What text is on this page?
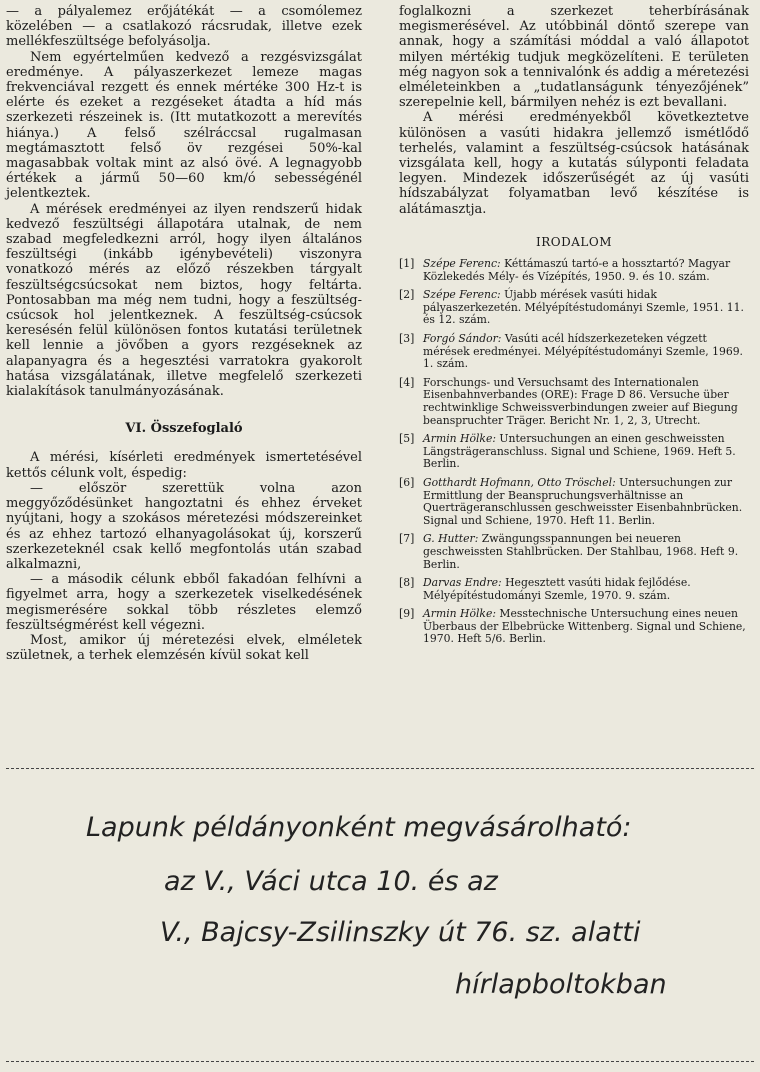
— a pályalemez erőjátékát — a csomólemez közelében — a csatlakozó rácsrudak, illetve ezek mellékfeszültsége befolyásolja.

Nem egyértelműen kedvező a rezgésvizsgálat eredménye. A pályaszerkezet lemeze magas frekvenciával rezgett és ennek mértéke 300 Hz-t is elérte és ezeket a rezgéseket átadta a híd más szerkezeti részeinek is. (Itt mutatkozott a merevítés hiánya.) A felső szélráccsal rugalmasan megtámasztott felső öv rezgései 50%-kal magasabbak voltak mint az alsó övé. A legnagyobb értékek a jármű 50—60 km/ó sebességénél jelentkeztek.

A mérések eredményei az ilyen rendszerű hidak kedvező feszültségi állapotára utalnak, de nem szabad megfeledkezni arról, hogy ilyen általános feszültségi (inkább igénybevételi) viszonyra vonatkozó mérés az előző részekben tárgyalt feszültségcsúcsokat nem biztos, hogy feltárta. Pontosabban ma még nem tudni, hogy a feszültség-csúcsok hol jelentkeznek. A feszültség-csúcsok keresésén felül különösen fontos kutatási területnek kell lennie a jövőben a gyors rezgéseknek az alapanyagra és a hegesztési varratokra gyakorolt hatása vizsgálatának, illetve megfelelő szerkezeti kialakítások tanulmányozásának.

VI. Összefoglaló

A mérési, kísérleti eredmények ismertetésével kettős célunk volt, éspedig:

— először szerettük volna azon meggyőződésünket hangoztatni és ehhez érveket nyújtani, hogy a szokásos méretezési módszereinket és az ehhez tartozó elhanyagolásokat új, korszerű szerkezeteknél csak kellő megfontolás után szabad alkalmazni,

— a második célunk ebből fakadóan felhívni a figyelmet arra, hogy a szerkezetek viselkedésének megismerésére sokkal több részletes elemző feszültségmérést kell végezni.

Most, amikor új méretezési elvek, elméletek születnek, a terhek elemzésén kívül sokat kell

foglalkozni a szerkezet teherbírásának megismerésével. Az utóbbinál döntő szerepe van annak, hogy a számítási móddal a való állapotot milyen mértékig tudjuk megközelíteni. E területen még nagyon sok a tennivalónk és addig a méretezési elméleteinkben a „tudatlanságunk tényezőjének” szerepelnie kell, bármilyen nehéz is ezt bevallani.

A mérési eredményekből következtetve különösen a vasúti hidakra jellemző ismétlődő terhelés, valamint a feszültség-csúcsok hatásának vizsgálata kell, hogy a kutatás súlyponti feladata legyen. Mindezek időszerűségét az új vasúti hídszabályzat folyamatban levő készítése is alátámasztja.

IRODALOM
[1] Szépe Ferenc: Kéttámaszú tartó-e a hossztartó? Magyar Közlekedés Mély- és Vízépítés, 1950. 9. és 10. szám.
[2] Szépe Ferenc: Újabb mérések vasúti hidak pályaszerkezetén. Mélyépítéstudományi Szemle, 1951. 11. és 12. szám.
[3] Forgó Sándor: Vasúti acél hídszerkezeteken végzett mérések eredményei. Mélyépítéstudományi Szemle, 1969. 1. szám.
[4] Forschungs- und Versuchsamt des Internationalen Eisenbahnverbandes (ORE): Frage D 86. Versuche über rechtwinklige Schweissverbindungen zweier auf Biegung beanspruchter Träger. Bericht Nr. 1, 2, 3, Utrecht.
[5] Armin Hölke: Untersuchungen an einen geschweissten Längsträgeranschluss. Signal und Schiene, 1969. Heft 5. Berlin.
[6] Gotthardt Hofmann, Otto Tröschel: Untersuchungen zur Ermittlung der Beanspruchungsverhältnisse an Querträgeranschlussen geschweisster Eisenbahnbrücken. Signal und Schiene, 1970. Heft 11. Berlin.
[7] G. Hutter: Zwängungsspannungen bei neueren geschweissten Stahlbrücken. Der Stahlbau, 1968. Heft 9. Berlin.
[8] Darvas Endre: Hegesztett vasúti hidak fejlődése. Mélyépítéstudományi Szemle, 1970. 9. szám.
[9] Armin Hölke: Messtechnische Untersuchung eines neuen Überbaus der Elbebrücke Wittenberg. Signal und Schiene, 1970. Heft 5/6. Berlin.
Lapunk példányonként megvásárolható:
az V., Váci utca 10. és az
V., Bajcsy-Zsilinszky út 76. sz. alatti
hírlapboltokban
